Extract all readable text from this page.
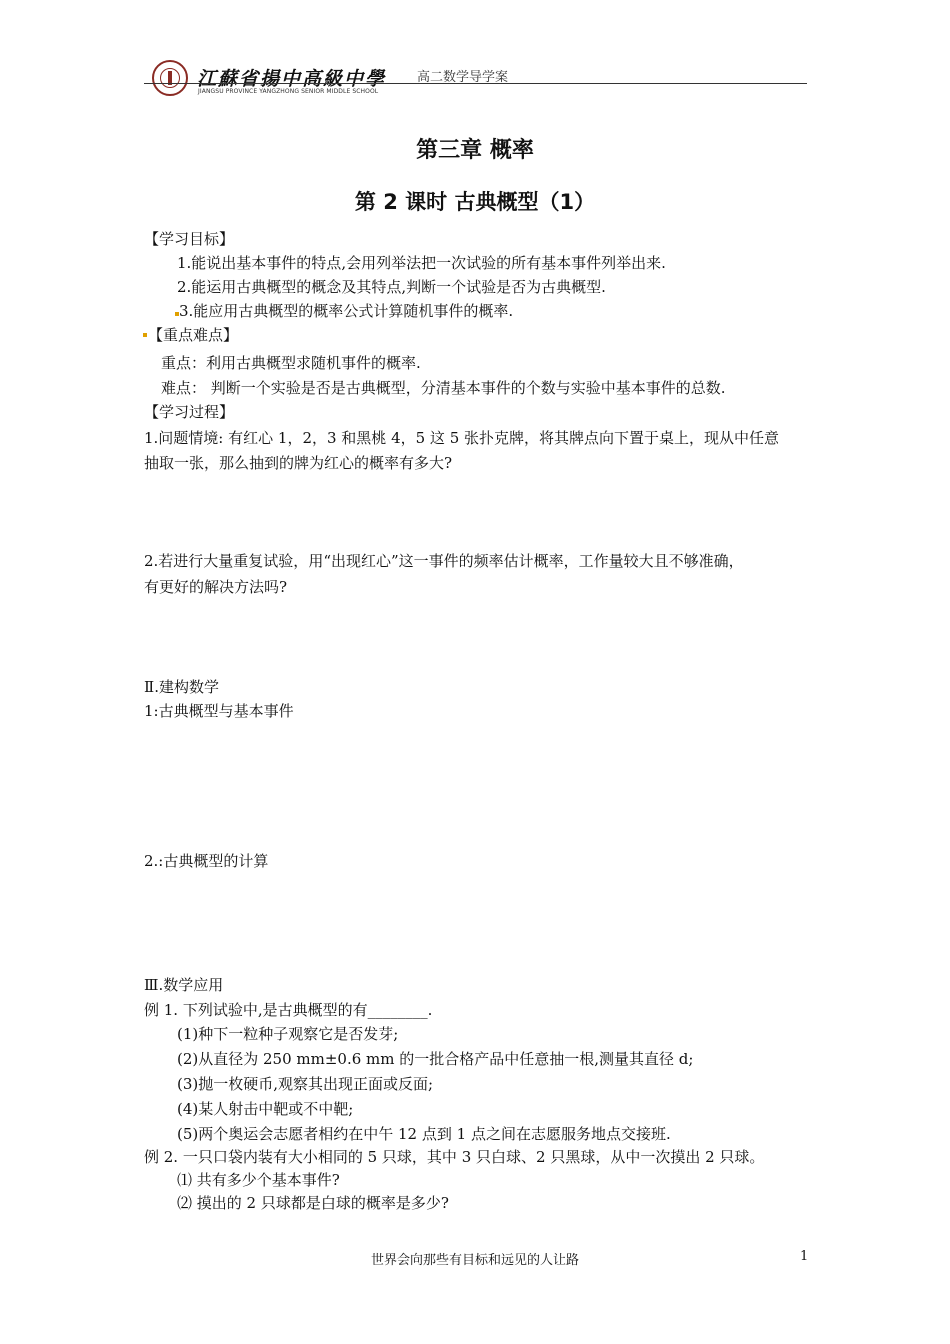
江蘇省揚中高級中學
JIANGSU PROVINCE YANGZHONG SENIOR MIDDLE SCHOOL
高二数学导学案
第三章 概率
第 2 课时 古典概型（1）
【学习目标】
1.能说出基本事件的特点,会用列举法把一次试验的所有基本事件列举出来.
2.能运用古典概型的概念及其特点,判断一个试验是否为古典概型.
3.能应用古典概型的概率公式计算随机事件的概率.
【重点难点】
重点：利用古典概型求随机事件的概率.
难点： 判断一个实验是否是古典概型，分清基本事件的个数与实验中基本事件的总数.
【学习过程】
1.问题情境: 有红心 1，2，3 和黑桃 4，5 这 5 张扑克牌，将其牌点向下置于桌上，现从中任意
抽取一张，那么抽到的牌为红心的概率有多大?
2.若进行大量重复试验，用“出现红心”这一事件的频率估计概率，工作量较大且不够准确，
有更好的解决方法吗?
Ⅱ.建构数学
1:古典概型与基本事件
2.:古典概型的计算
Ⅲ.数学应用
例 1. 下列试验中,是古典概型的有________.
(1)种下一粒种子观察它是否发芽;
(2)从直径为 250 mm±0.6 mm 的一批合格产品中任意抽一根,测量其直径 d;
(3)抛一枚硬币,观察其出现正面或反面;
(4)某人射击中靶或不中靶;
(5)两个奥运会志愿者相约在中午 12 点到 1 点之间在志愿服务地点交接班.
例 2. 一只口袋内装有大小相同的 5 只球，其中 3 只白球、2 只黑球，从中一次摸出 2 只球。
⑴ 共有多少个基本事件?
⑵ 摸出的 2 只球都是白球的概率是多少?
世界会向那些有目标和远见的人让路	1
